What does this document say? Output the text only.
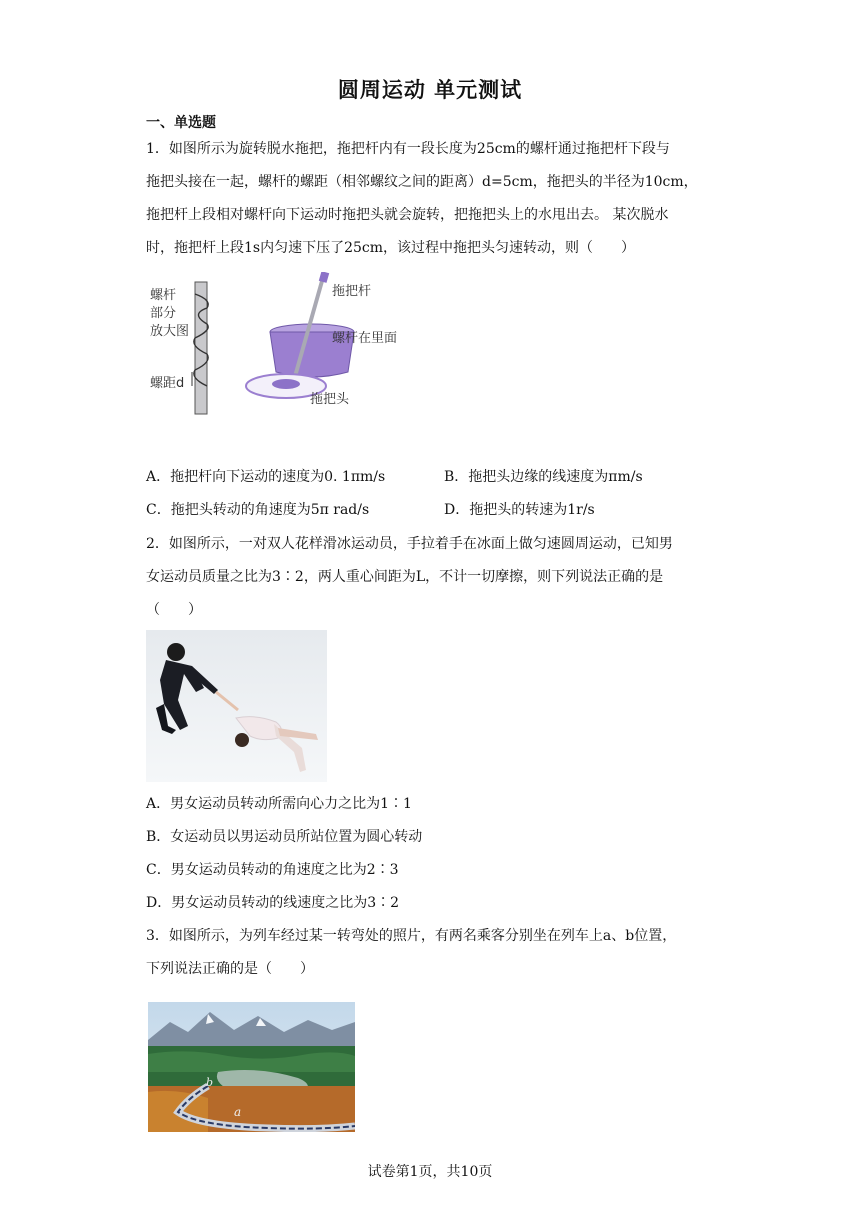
圆周运动 单元测试
一、单选题
1．如图所示为旋转脱水拖把，拖把杆内有一段长度为25cm的螺杆通过拖把杆下段与
拖把头接在一起，螺杆的螺距（相邻螺纹之间的距离）d=5cm，拖把头的半径为10cm，
拖把杆上段相对螺杆向下运动时拖把头就会旋转，把拖把头上的水甩出去。 某次脱水
时，拖把杆上段1s内匀速下压了25cm，该过程中拖把头匀速转动，则（　　）
螺杆
部分
放大图
螺距d
拖把杆
螺杆在里面
拖把头
A．拖把杆向下运动的速度为0. 1πm/s	B．拖把头边缘的线速度为πm/s
C．拖把头转动的角速度为5π rad/s	D．拖把头的转速为1r/s
2．如图所示，一对双人花样滑冰运动员，手拉着手在冰面上做匀速圆周运动，已知男
女运动员质量之比为3∶2，两人重心间距为L，不计一切摩擦，则下列说法正确的是
（　　）
A．男女运动员转动所需向心力之比为1∶1
B．女运动员以男运动员所站位置为圆心转动
C．男女运动员转动的角速度之比为2∶3
D．男女运动员转动的线速度之比为3∶2
3．如图所示，为列车经过某一转弯处的照片，有两名乘客分别坐在列车上a、b位置，
下列说法正确的是（　　）
b
a
试卷第1页，共10页
